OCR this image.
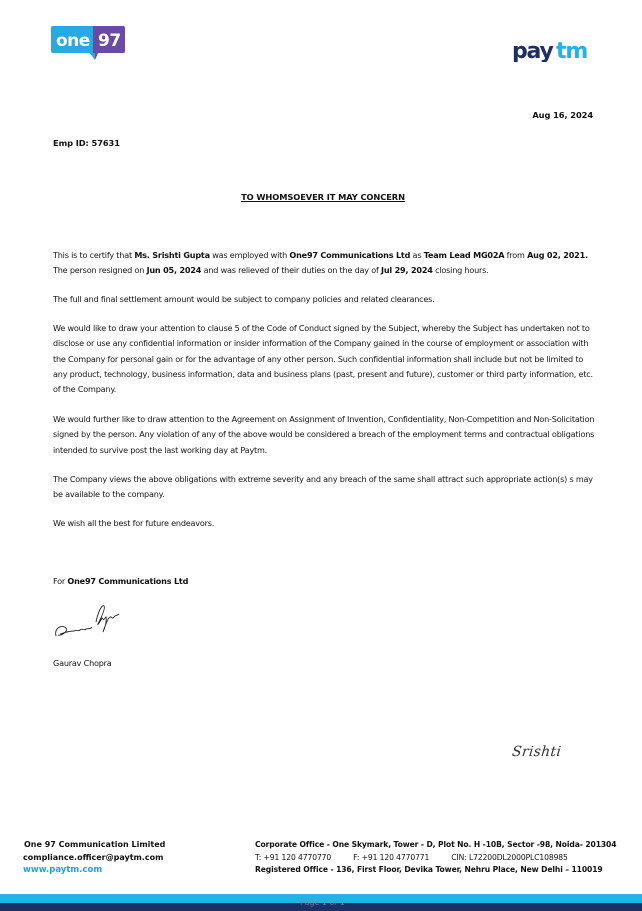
one 97	pay tm
Aug 16, 2024
Emp ID: 57631
TO WHOMSOEVER IT MAY CONCERN
This is to certify that Ms. Srishti Gupta was employed with One97 Communications Ltd as Team Lead MG02A from Aug 02, 2021. The person resigned on Jun 05, 2024 and was relieved of their duties on the day of Jul 29, 2024 closing hours.
The full and final settlement amount would be subject to company policies and related clearances.
We would like to draw your attention to clause 5 of the Code of Conduct signed by the Subject, whereby the Subject has undertaken not to disclose or use any confidential information or insider information of the Company gained in the course of employment or association with the Company for personal gain or for the advantage of any other person. Such confidential information shall include but not be limited to any product, technology, business information, data and business plans (past, present and future), customer or third party information, etc. of the Company.
We would further like to draw attention to the Agreement on Assignment of Invention, Confidentiality, Non-Competition and Non-Solicitation signed by the person. Any violation of any of the above would be considered a breach of the employment terms and contractual obligations intended to survive post the last working day at Paytm.
The Company views the above obligations with extreme severity and any breach of the same shall attract such appropriate action(s) s may be available to the company.
We wish all the best for future endeavors.
For One97 Communications Ltd
Gaurav Chopra
Srishti
One 97 Communication Limited
compliance.officer@paytm.com
www.paytm.com
Corporate Office - One Skymark, Tower - D, Plot No. H -10B, Sector -98, Noida- 201304
T: +91 120 4770770	F: +91 120 4770771	CIN: L72200DL2000PLC108985
Registered Office - 136, First Floor, Devika Tower, Nehru Place, New Delhi – 110019
Page 1 of 1
